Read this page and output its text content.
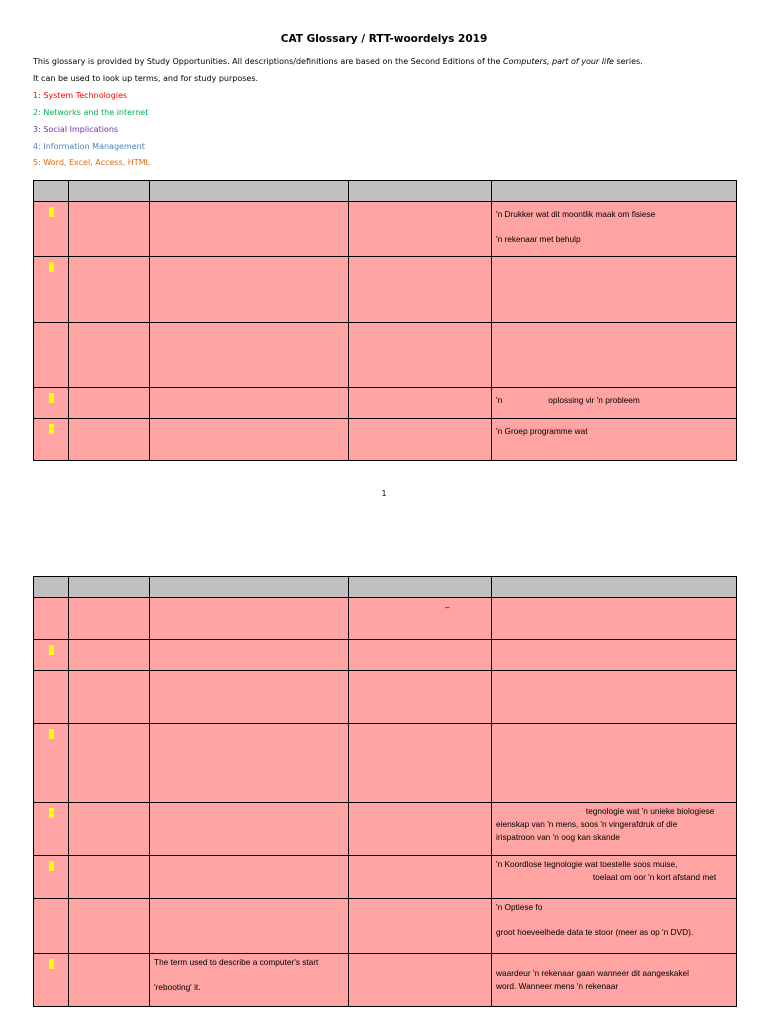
CAT Glossary / RTT-woordelys 2019
This glossary is provided by Study Opportunities. All descriptions/definitions are based on the Second Editions of the Computers, part of your life series.
It can be used to look up terms, and for study purposes.
1: System Technologies
2: Networks and the internet
3: Social Implications
4: Information Management
5: Word, Excel, Access, HTML

				'n Drukker wat dit moontlik maak om fisiese
'n rekenaar met behulp

				'n                    oplossing vir 'n probleem

				'n Groep programme wat
1

			–	

				tegnologie wat 'n unieke biologiese
eienskap van 'n mens, soos 'n vingerafdruk of die
irispatroon van 'n oog kan skande

				'n Koordlose tegnologie wat toestelle soos muise,
toelaat om oor 'n kort afstand met

				'n Optiese fo
groot hoeveelhede data te stoor (meer as op 'n DVD).

		The term used to describe a computer's start
'rebooting' it.		waardeur 'n rekenaar gaan wanneer dit aangeskakel
word. Wanneer mens 'n rekenaar
